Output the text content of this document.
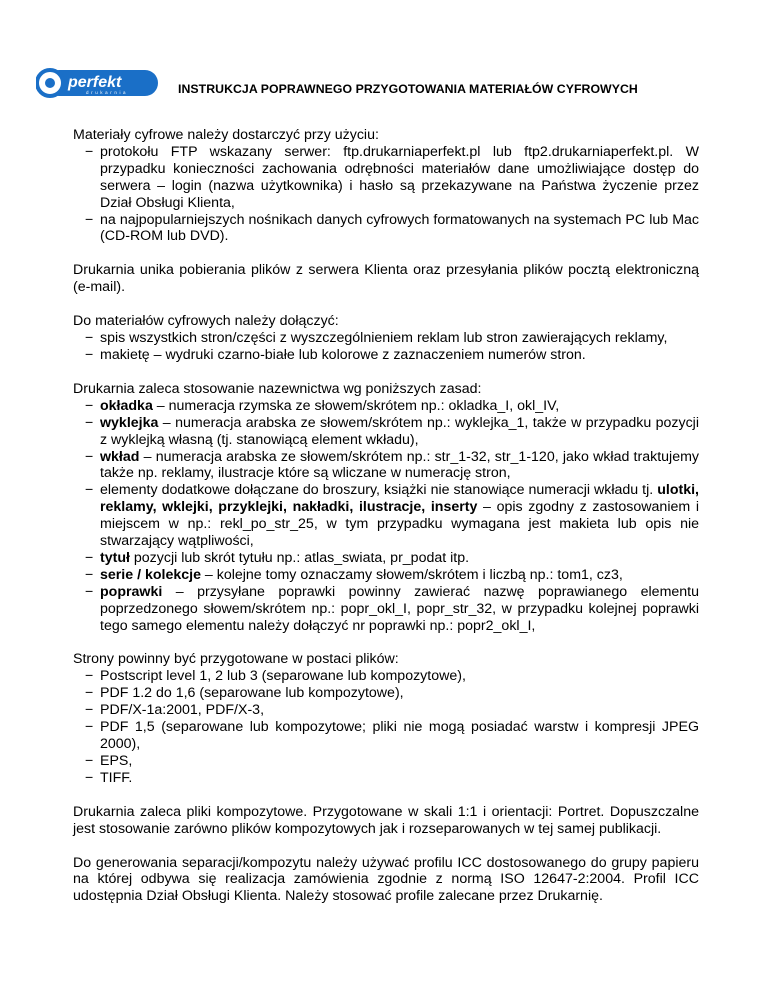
perfekt
drukarnia	INSTRUKCJA POPRAWNEGO PRZYGOTOWANIA MATERIAŁÓW CYFROWYCH

Materiały cyfrowe należy dostarczyć przy użyciu:

− protokołu FTP wskazany serwer: ftp.drukarniaperfekt.pl lub ftp2.drukarniaperfekt.pl. W przypadku konieczności zachowania odrębności materiałów dane umożliwiające dostęp do serwera – login (nazwa użytkownika) i hasło są przekazywane na Państwa życzenie przez Dział Obsługi Klienta,
− na najpopularniejszych nośnikach danych cyfrowych formatowanych na systemach PC lub Mac (CD-ROM lub DVD).

Drukarnia unika pobierania plików z serwera Klienta oraz przesyłania plików pocztą elektroniczną (e-mail).

Do materiałów cyfrowych należy dołączyć:

− spis wszystkich stron/części z wyszczególnieniem reklam lub stron zawierających reklamy,
− makietę – wydruki czarno-białe lub kolorowe z zaznaczeniem numerów stron.

Drukarnia zaleca stosowanie nazewnictwa wg poniższych zasad:

− okładka – numeracja rzymska ze słowem/skrótem np.: okladka_I, okl_IV,
− wyklejka – numeracja arabska ze słowem/skrótem np.: wyklejka_1, także w przypadku pozycji z wyklejką własną (tj. stanowiącą element wkładu),
− wkład – numeracja arabska ze słowem/skrótem np.: str_1-32, str_1-120, jako wkład traktujemy także np. reklamy, ilustracje które są wliczane w numerację stron,
− elementy dodatkowe dołączane do broszury, książki nie stanowiące numeracji wkładu tj. ulotki, reklamy, wklejki, przyklejki, nakładki, ilustracje, inserty – opis zgodny z zastosowaniem i miejscem w np.: rekl_po_str_25, w tym przypadku wymagana jest makieta lub opis nie stwarzający wątpliwości,
− tytuł pozycji lub skrót tytułu np.: atlas_swiata, pr_podat itp.
− serie / kolekcje – kolejne tomy oznaczamy słowem/skrótem i liczbą np.: tom1, cz3,
− poprawki – przysyłane poprawki powinny zawierać nazwę poprawianego elementu poprzedzonego słowem/skrótem np.: popr_okl_I, popr_str_32, w przypadku kolejnej poprawki tego samego elementu należy dołączyć nr poprawki np.: popr2_okl_I,

Strony powinny być przygotowane w postaci plików:

− Postscript level 1, 2 lub 3 (separowane lub kompozytowe),
− PDF 1.2 do 1,6 (separowane lub kompozytowe),
− PDF/X-1a:2001, PDF/X-3,
− PDF 1,5 (separowane lub kompozytowe; pliki nie mogą posiadać warstw i kompresji JPEG 2000),
− EPS,
− TIFF.

Drukarnia zaleca pliki kompozytowe. Przygotowane w skali 1:1 i orientacji: Portret. Dopuszczalne jest stosowanie zarówno plików kompozytowych jak i rozseparowanych w tej samej publikacji.

Do generowania separacji/kompozytu należy używać profilu ICC dostosowanego do grupy papieru na której odbywa się realizacja zamówienia zgodnie z normą ISO 12647-2:2004. Profil ICC udostępnia Dział Obsługi Klienta. Należy stosować profile zalecane przez Drukarnię.
